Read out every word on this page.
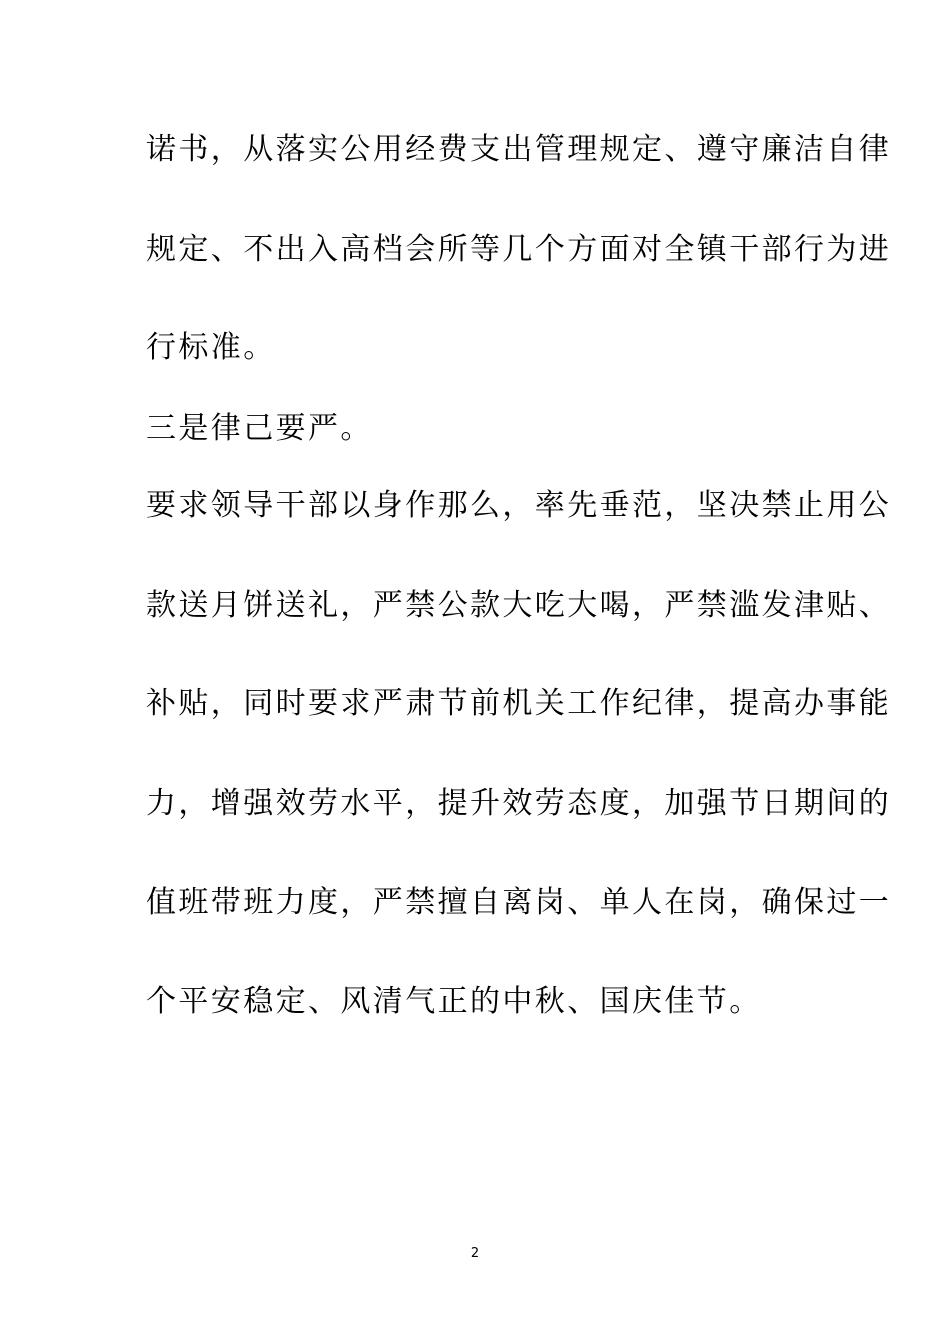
诺书，从落实公用经费支出管理规定、遵守廉洁自律
规定、不出入高档会所等几个方面对全镇干部行为进
行标准。
三是律己要严。
要求领导干部以身作那么，率先垂范，坚决禁止用公
款送月饼送礼，严禁公款大吃大喝，严禁滥发津贴、
补贴，同时要求严肃节前机关工作纪律，提高办事能
力，增强效劳水平，提升效劳态度，加强节日期间的
值班带班力度，严禁擅自离岗、单人在岗，确保过一
个平安稳定、风清气正的中秋、国庆佳节。
2
